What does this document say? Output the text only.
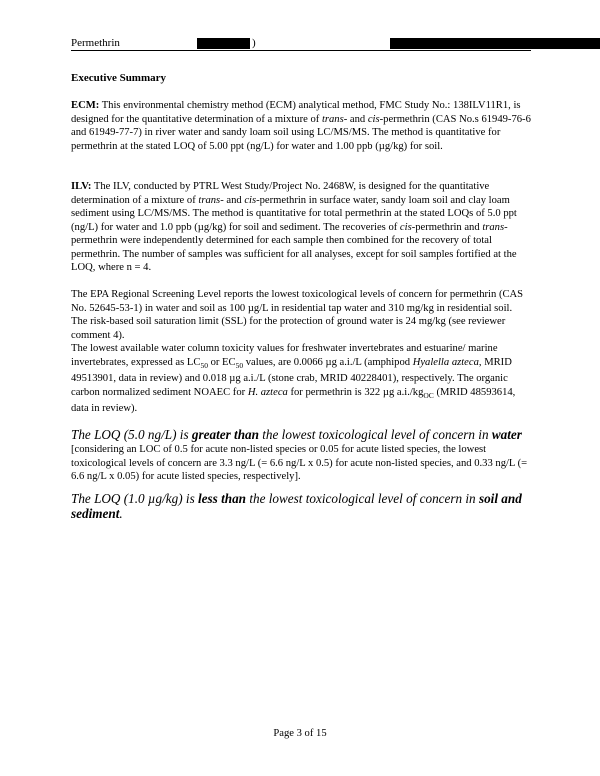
Permethrin	)
Executive Summary

ECM: This environmental chemistry method (ECM) analytical method, FMC Study No.: 138ILV11R1, is designed for the quantitative determination of a mixture of trans- and cis-permethrin (CAS No.s 61949-76-6 and 61949-77-7) in river water and sandy loam soil using LC/MS/MS. The method is quantitative for permethrin at the stated LOQ of 5.00 ppt (ng/L) for water and 1.00 ppb (µg/kg) for soil.

ILV: The ILV, conducted by PTRL West Study/Project No. 2468W, is designed for the quantitative determination of a mixture of trans- and cis-permethrin in surface water, sandy loam soil and clay loam sediment using LC/MS/MS. The method is quantitative for total permethrin at the stated LOQs of 5.0 ppt (ng/L) for water and 1.0 ppb (µg/kg) for soil and sediment. The recoveries of cis-permethrin and trans-permethrin were independently determined for each sample then combined for the recovery of total permethrin. The number of samples was sufficient for all analyses, except for soil samples fortified at the LOQ, where n = 4.

The EPA Regional Screening Level reports the lowest toxicological levels of concern for permethrin (CAS No. 52645-53-1) in water and soil as 100 µg/L in residential tap water and 310 mg/kg in residential soil. The risk-based soil saturation limit (SSL) for the protection of ground water is 24 mg/kg (see reviewer comment 4).

The lowest available water column toxicity values for freshwater invertebrates and estuarine/ marine invertebrates, expressed as $LC_{50}$ or $EC_{50}$ values, are 0.0066 µg a.i./L (amphipod Hyalella azteca, MRID 49513901, data in review) and 0.018 µg a.i./L (stone crab, MRID 40228401), respectively. The organic carbon normalized sediment NOAEC for H. azteca for permethrin is 322 µg $a.i./kg_{OC}$ (MRID 48593614, data in review).

The LOQ (5.0 ng/L) is greater than the lowest toxicological level of concern in water
[considering an LOC of 0.5 for acute non-listed species or 0.05 for acute listed species, the lowest toxicological levels of concern are 3.3 ng/L (= 6.6 ng/L x 0.5) for acute non-listed species, and 0.33 ng/L (= 6.6 ng/L x 0.05) for acute listed species, respectively].
The LOQ (1.0 µg/kg) is less than the lowest toxicological level of concern in soil and sediment.
Page 3 of 15
